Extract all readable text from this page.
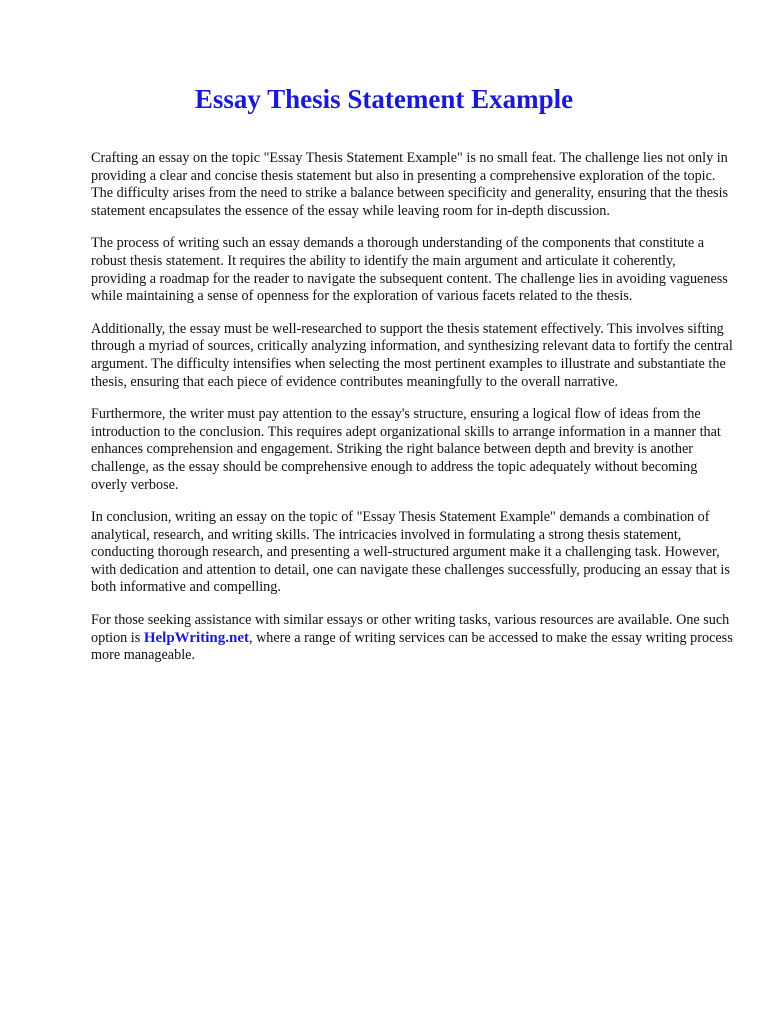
Essay Thesis Statement Example

Crafting an essay on the topic "Essay Thesis Statement Example" is no small feat. The challenge lies not only in providing a clear and concise thesis statement but also in presenting a comprehensive exploration of the topic. The difficulty arises from the need to strike a balance between specificity and generality, ensuring that the thesis statement encapsulates the essence of the essay while leaving room for in-depth discussion.

The process of writing such an essay demands a thorough understanding of the components that constitute a robust thesis statement. It requires the ability to identify the main argument and articulate it coherently, providing a roadmap for the reader to navigate the subsequent content. The challenge lies in avoiding vagueness while maintaining a sense of openness for the exploration of various facets related to the thesis.

Additionally, the essay must be well-researched to support the thesis statement effectively. This involves sifting through a myriad of sources, critically analyzing information, and synthesizing relevant data to fortify the central argument. The difficulty intensifies when selecting the most pertinent examples to illustrate and substantiate the thesis, ensuring that each piece of evidence contributes meaningfully to the overall narrative.

Furthermore, the writer must pay attention to the essay's structure, ensuring a logical flow of ideas from the introduction to the conclusion. This requires adept organizational skills to arrange information in a manner that enhances comprehension and engagement. Striking the right balance between depth and brevity is another challenge, as the essay should be comprehensive enough to address the topic adequately without becoming overly verbose.

In conclusion, writing an essay on the topic of "Essay Thesis Statement Example" demands a combination of analytical, research, and writing skills. The intricacies involved in formulating a strong thesis statement, conducting thorough research, and presenting a well-structured argument make it a challenging task. However, with dedication and attention to detail, one can navigate these challenges successfully, producing an essay that is both informative and compelling.

For those seeking assistance with similar essays or other writing tasks, various resources are available. One such option is HelpWriting.net, where a range of writing services can be accessed to make the essay writing process more manageable.
